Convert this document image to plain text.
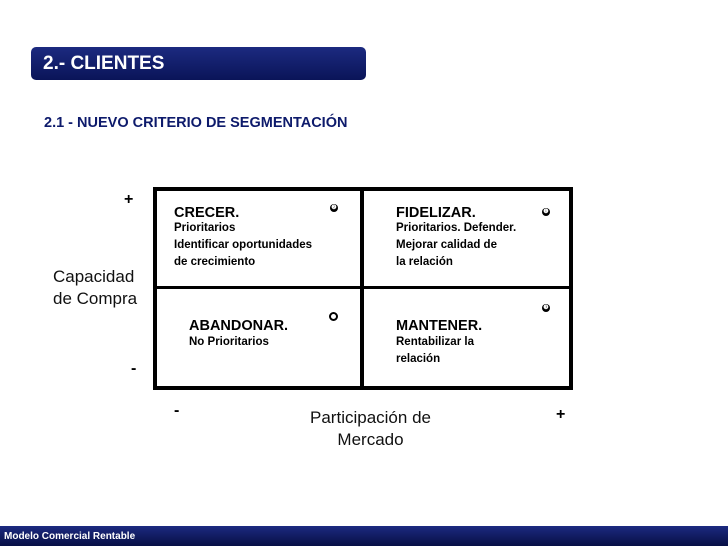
2.- CLIENTES
2.1 - NUEVO CRITERIO DE SEGMENTACIÓN
+
Capacidad
de Compra
-
CRECER.
Prioritarios
Identificar oportunidades
de crecimiento
❷	FIDELIZAR.
Prioritarios. Defender.
Mejorar calidad de
la relación
❶
ABANDONAR.
No Prioritarios
MANTENER.
Rentabilizar la
relación
❸
-	Participación de
Mercado
+
Modelo Comercial Rentable
